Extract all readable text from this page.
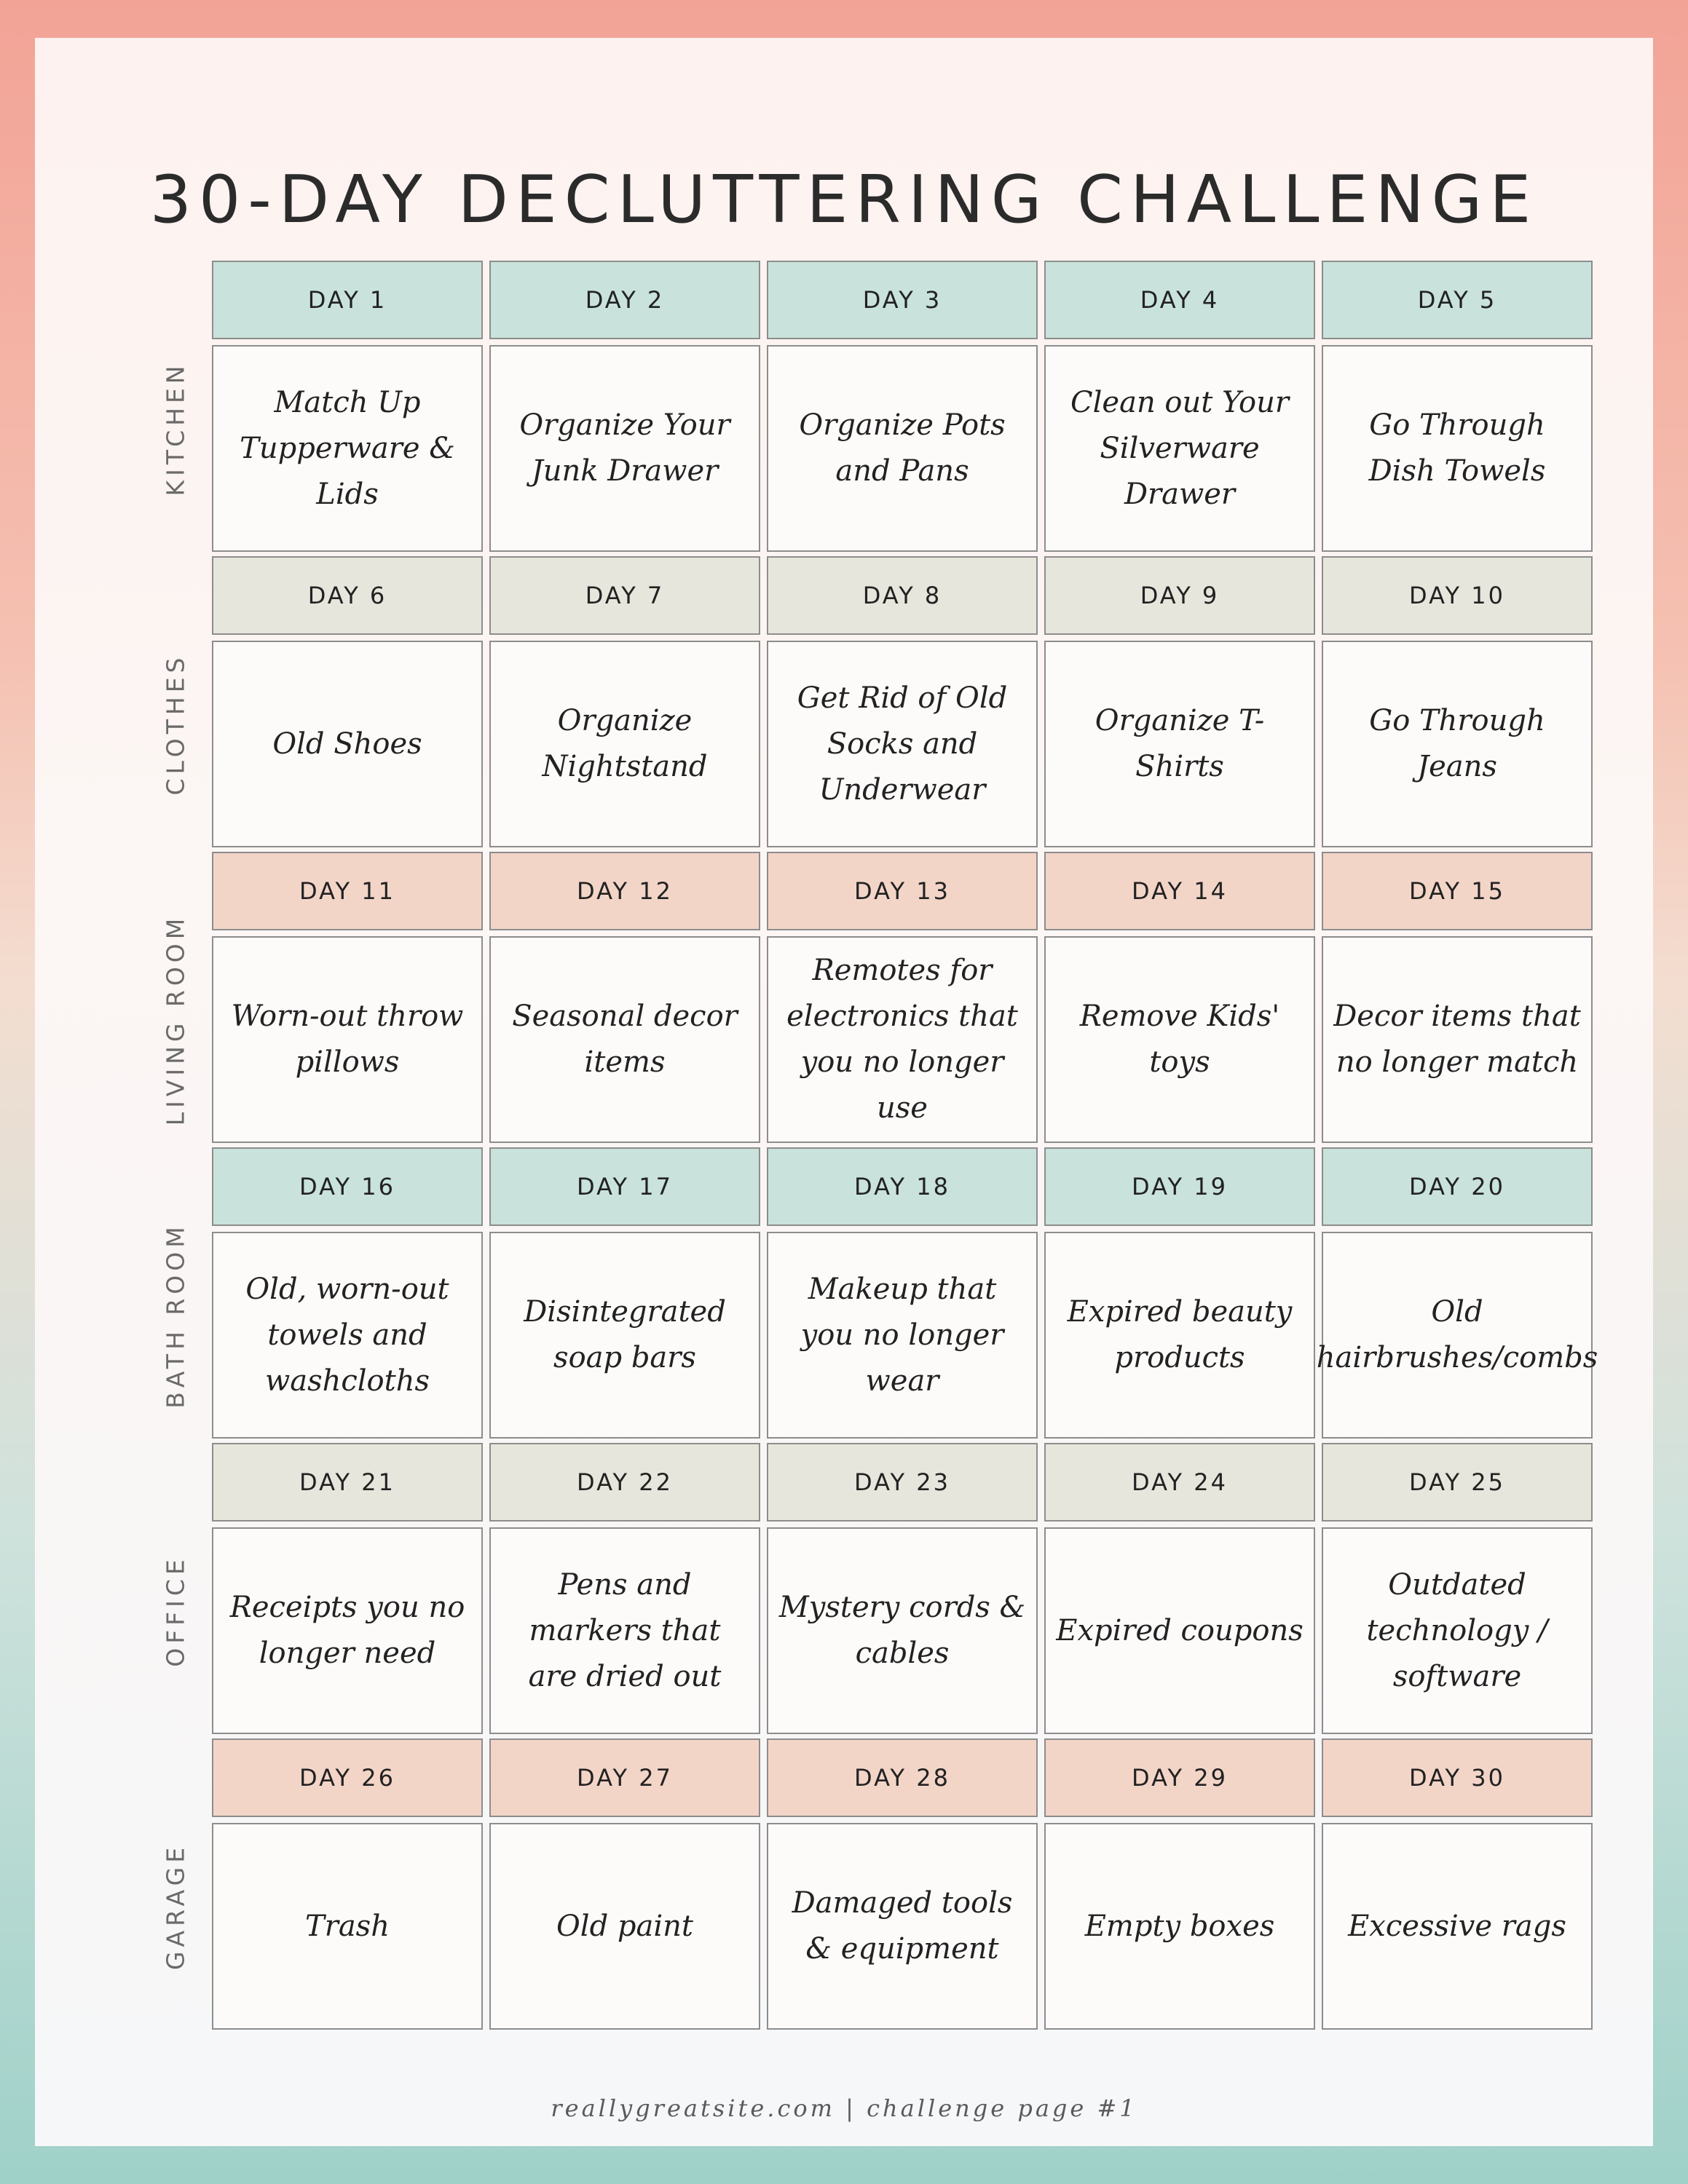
30-DAY DECLUTTERING CHALLENGE
KITCHEN
DAY 1
Match Up Tupperware & Lids
DAY 2
Organize Your Junk Drawer
DAY 3
Organize Pots and Pans
DAY 4
Clean out Your Silverware Drawer
DAY 5
Go Through Dish Towels
CLOTHES
DAY 6
Old Shoes
DAY 7
Organize Nightstand
DAY 8
Get Rid of Old Socks and Underwear
DAY 9
Organize T-Shirts
DAY 10
Go Through Jeans
LIVING ROOM
DAY 11
Worn-out throw pillows
DAY 12
Seasonal decor items
DAY 13
Remotes for electronics that you no longer use
DAY 14
Remove Kids' toys
DAY 15
Decor items that no longer match
BATH ROOM
DAY 16
Old, worn-out towels and washcloths
DAY 17
Disintegrated soap bars
DAY 18
Makeup that you no longer wear
DAY 19
Expired beauty products
DAY 20
Old hairbrushes/combs
OFFICE
DAY 21
Receipts you no longer need
DAY 22
Pens and markers that are dried out
DAY 23
Mystery cords & cables
DAY 24
Expired coupons
DAY 25
Outdated technology / software
GARAGE
DAY 26
Trash
DAY 27
Old paint
DAY 28
Damaged tools & equipment
DAY 29
Empty boxes
DAY 30
Excessive rags
reallygreatsite.com | challenge page #1
